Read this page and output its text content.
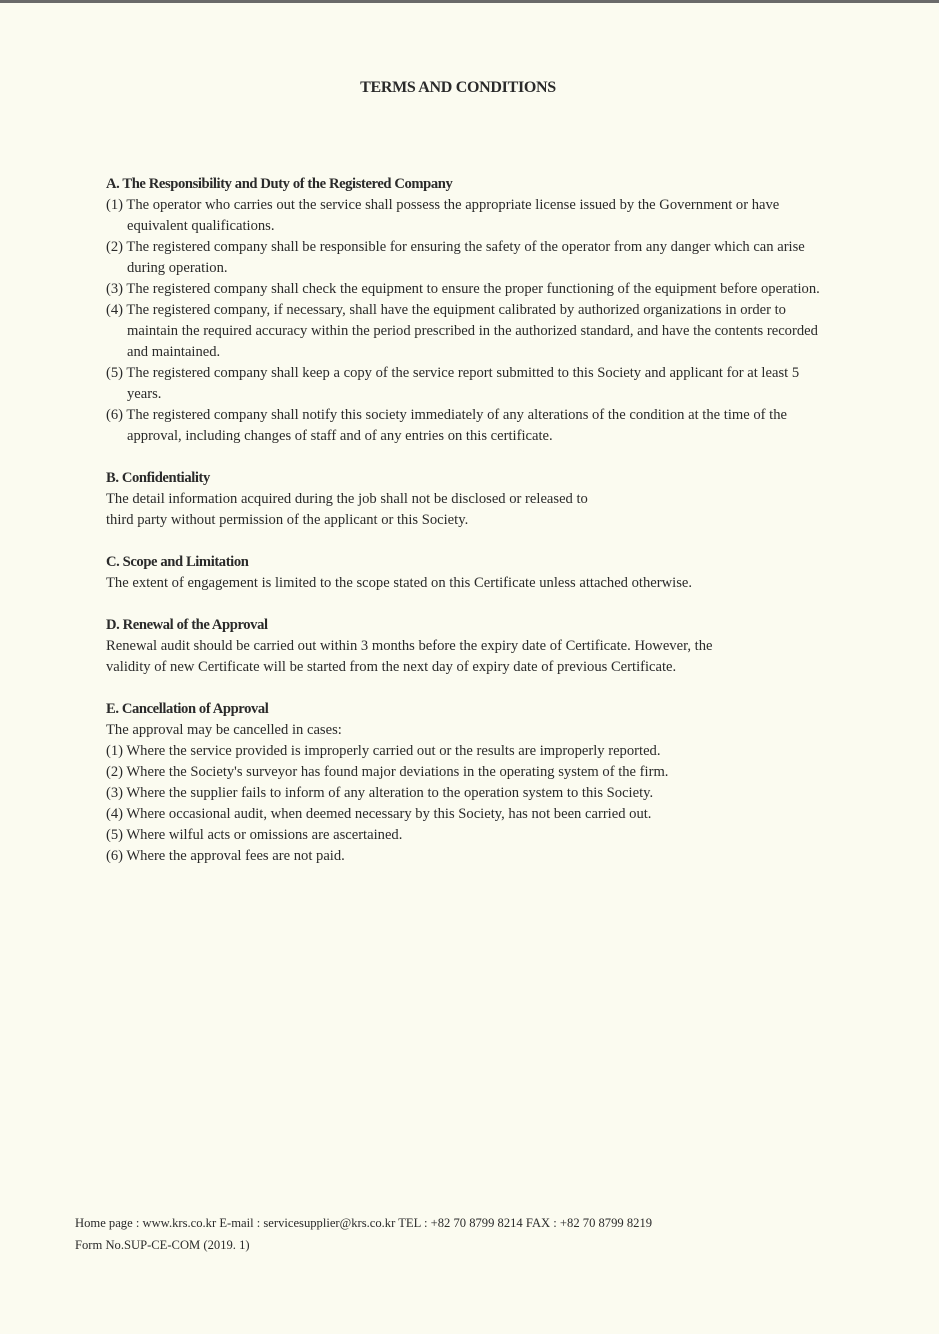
TERMS AND CONDITIONS
A. The Responsibility and Duty of the Registered Company
(1) The operator who carries out the service shall possess the appropriate license issued by the Government or have equivalent qualifications.
(2) The registered company shall be responsible for ensuring the safety of the operator from any danger which can arise during operation.
(3) The registered company shall check the equipment to ensure the proper functioning of the equipment before operation.
(4) The registered company, if necessary, shall have the equipment calibrated by authorized organizations in order to maintain the required accuracy within the period prescribed in the authorized standard, and have the contents recorded and maintained.
(5) The registered company shall keep a copy of the service report submitted to this Society and applicant for at least 5 years.
(6) The registered company shall notify this society immediately of any alterations of the condition at the time of the approval, including changes of staff and of any entries on this certificate.
B. Confidentiality
The detail information acquired during the job shall not be disclosed or released to
third party without permission of the applicant or this Society.
C. Scope and Limitation
The extent of engagement is limited to the scope stated on this Certificate unless attached otherwise.
D. Renewal of the Approval
Renewal audit should be carried out within 3 months before the expiry date of Certificate. However, the
validity of new Certificate will be started from the next day of expiry date of previous Certificate.
E. Cancellation of Approval
The approval may be cancelled in cases:
(1) Where the service provided is improperly carried out or the results are improperly reported.
(2) Where the Society's surveyor has found major deviations in the operating system of the firm.
(3) Where the supplier fails to inform of any alteration to the operation system to this Society.
(4) Where occasional audit, when deemed necessary by this Society, has not been carried out.
(5) Where wilful acts or omissions are ascertained.
(6) Where the approval fees are not paid.
Home page : www.krs.co.kr E-mail : servicesupplier@krs.co.kr TEL : +82 70 8799 8214 FAX : +82 70 8799 8219
Form No.SUP-CE-COM (2019. 1)
